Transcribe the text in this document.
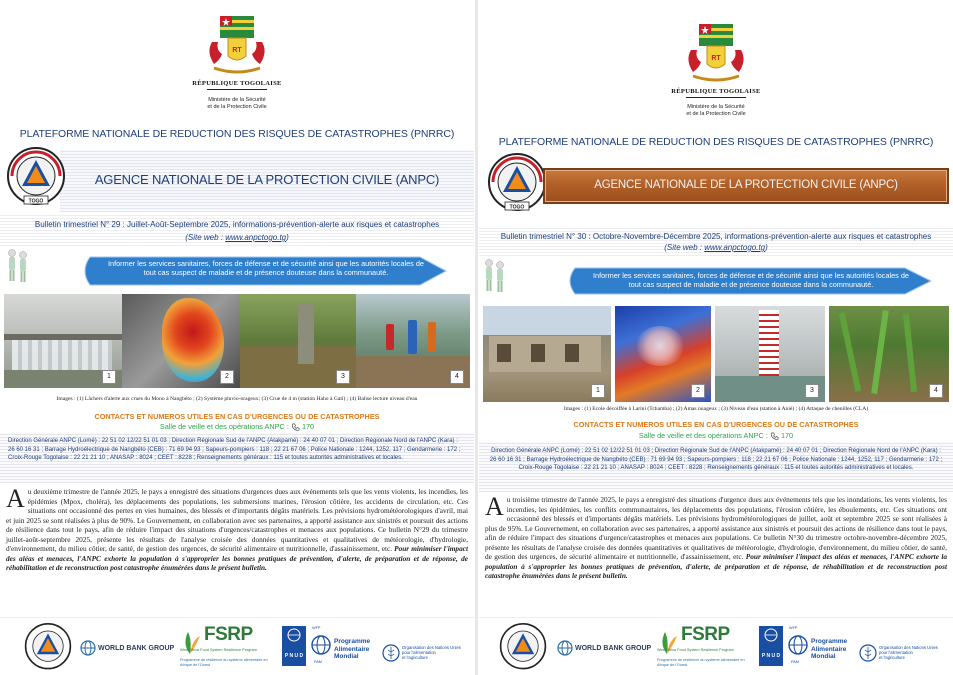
RT
RÉPUBLIQUE TOGOLAISE
Ministère de la Sécurité
et de la Protection Civile
PLATEFORME NATIONALE DE REDUCTION DES RISQUES DE CATASTROPHES (PNRRC)
TOGO
AGENCE NATIONALE DE LA PROTECTION CIVILE (ANPC)
Bulletin trimestriel N° 29 : Juillet-Août-Septembre 2025, informations-prévention-alerte aux risques et catastrophes
(Site web : www.anpctogo.tg)
Informer les services sanitaires, forces de défense et de sécurité ainsi que les autorités locales de tout cas suspect de maladie et de présence douteuse dans la communauté.
1	2	3	4
Images : (1) Lâchers d'alerte aux crues du Mono à Nangbéto ; (2) Système pluvio-orageux; (3) Crue de 4 m (station Haho à Gati) ; (4) Balise lecture niveau d'eau
CONTACTS ET NUMEROS UTILES EN CAS D'URGENCES OU DE CATASTROPHES
Salle de veille et des opérations ANPC : 170
Direction Générale ANPC (Lomé) : 22 51 02 12/22 51 01 03 ; Direction Régionale Sud de l'ANPC (Atakpamé) : 24 40 07 01 ; Direction Régionale Nord de l'ANPC (Kara) : 26 60 16 31 ; Barrage Hydroélectrique de Nangbéto (CEB) : 71 69 94 93 ; Sapeurs-pompiers : 118 ; 22 21 67 06 ; Police Nationale : 1244, 1252, 117 ; Gendarmerie : 172 ; Croix-Rouge Togolaise : 22 21 21 10 ; ANASAP : 8024 ; CEET : 8228 ; Renseignements généraux : 115 et toutes autorités administratives et locales.
Au deuxième trimestre de l'année 2025, le pays a enregistré des situations d'urgences dues aux événements tels que les vents violents, les incendies, les épidémies (Mpox, choléra), les déplacements des populations, les submersions marines, l'érosion côtière, les accidents de circulation, etc. Ces situations ont occasionné des pertes en vies humaines, des blessés et d'importants dégâts matériels. Les prévisions hydrométéorologiques d'avril, mai et juin 2025 se sont réalisées à plus de 90%. Le Gouvernement, en collaboration avec ses partenaires, a apporté assistance aux sinistrés et poursuit des actions de résilience dans tout le pays, afin de réduire l'impact des situations d'urgences/catastrophes et menaces aux populations. Ce bulletin N°29 du trimestre juillet-août-septembre 2025, présente les résultats de l'analyse croisée des données quantitatives et qualitatives de météorologie, d'hydrologie, d'environnement, du milieu côtier, de santé, de gestion des urgences, de sécurité alimentaire et nutritionnelle, d'assainissement, etc. Pour minimiser l'impact des aléas et menaces, l'ANPC exhorte la population à s'approprier les bonnes pratiques de prévention, d'alerte, de préparation et de réponse, de réhabilitation et de reconstruction post catastrophe énumérées dans le présent bulletin.
WORLD BANK GROUP
FSRP
West Africa Food System Resilience Program
Programme de résilience du système alimentaire en Afrique de l'Ouest
P N U D
WFP
Programme
Alimentaire
Mondial
PAM
Organisation des Nations Unies
pour l'alimentation
et l'agriculture
RT
RÉPUBLIQUE TOGOLAISE
Ministère de la Sécurité
et de la Protection Civile
PLATEFORME NATIONALE DE REDUCTION DES RISQUES DE CATASTROPHES (PNRRC)
TOGO
AGENCE NATIONALE DE LA PROTECTION CIVILE (ANPC)
Bulletin trimestriel N° 30 : Octobre-Novembre-Décembre 2025, informations-prévention-alerte aux risques et catastrophes
(Site web : www.anpctogo.tg)
Informer les services sanitaires, forces de défense et de sécurité ainsi que les autorités locales de tout cas suspect de maladie et de présence douteuse dans la communauté.
1	2	3	4
Images : (1) Ecole décoiffée à Larini (Tchamba) ; (2) Amas nuageux ; (3) Niveau d'eau (station à Anié) ; (4) Attaque de chenilles (CLA)
CONTACTS ET NUMEROS UTILES EN CAS D'URGENCES OU DE CATASTROPHES
Salle de veille et des opérations ANPC : 170
Direction Générale ANPC (Lomé) : 22 51 02 12/22 51 01 03 ; Direction Régionale Sud de l'ANPC (Atakpamé) : 24 40 07 01 ; Direction Régionale Nord de l'ANPC (Kara) : 26 60 16 31 ; Barrage Hydroélectrique de Nangbéto (CEB) : 71 69 94 93 ; Sapeurs-pompiers : 118 ; 22 21 67 06 ; Police Nationale : 1244, 1252, 117 ; Gendarmerie : 172 ; Croix-Rouge Togolaise : 22 21 21 10 ; ANASAP : 8024 ; CEET : 8228 ; Renseignements généraux : 115 et toutes autorités administratives et locales.
Au troisième trimestre de l'année 2025, le pays a enregistré des situations d'urgence dues aux événements tels que les inondations, les vents violents, les incendies, les épidémies, les conflits communautaires, les déplacements des populations, l'érosion côtière, les éboulements, etc. Ces situations ont occasionné des blessés et d'importants dégâts matériels. Les prévisions hydrométéorologiques de juillet, août et septembre 2025 se sont réalisées à plus de 95%. Le Gouvernement, en collaboration avec ses partenaires, a apporté assistance aux sinistrés et poursuit des actions de résilience dans tout le pays, afin de réduire l'impact des situations d'urgence/catastrophes et menaces aux populations. Ce bulletin N°30 du trimestre octobre-novembre-décembre 2025, présente les résultats de l'analyse croisée des données quantitatives et qualitatives de météorologie, d'hydrologie, d'environnement, du milieu côtier, de santé, de gestion des urgences, de sécurité alimentaire et nutritionnelle, d'assainissement, etc. Pour minimiser l'impact des aléas et menaces, l'ANPC exhorte la population à s'approprier les bonnes pratiques de prévention, d'alerte, de préparation et de réponse, de réhabilitation et de reconstruction post catastrophe énumérées dans le présent bulletin.
WORLD BANK GROUP
FSRP
West Africa Food System Resilience Program
Programme de résilience du système alimentaire en Afrique de l'Ouest
P N U D
WFP
Programme
Alimentaire
Mondial
PAM
Organisation des Nations Unies
pour l'alimentation
et l'agriculture
